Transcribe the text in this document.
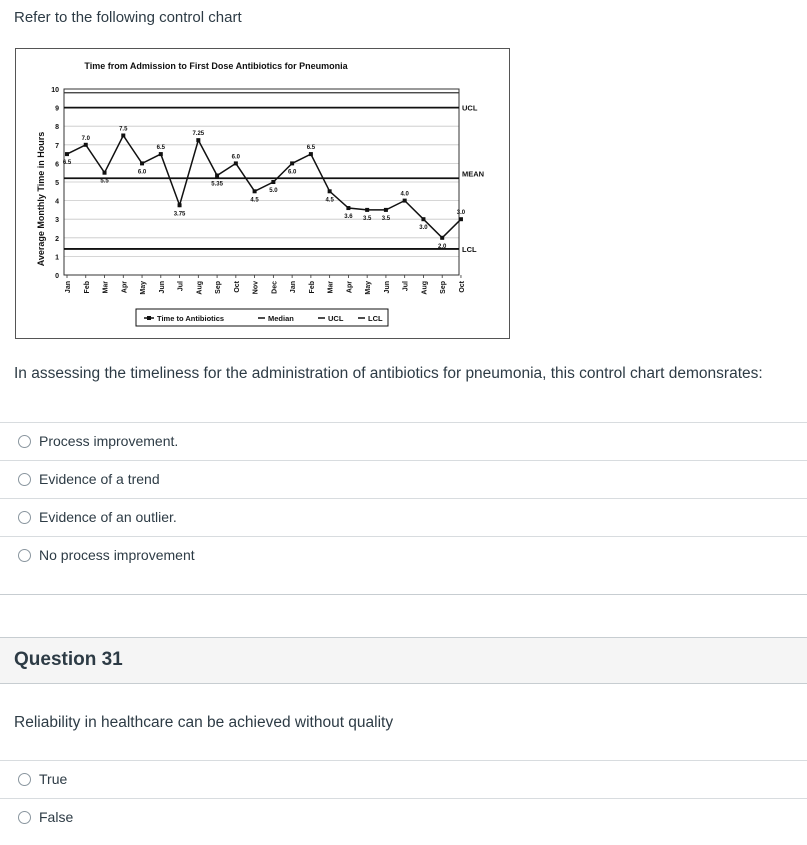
Refer to the following control chart
0
1
2
3
4
5
6
7
8
9
10
Jan Feb Mar Apr May Jun Jul Aug Sep Oct Nov Dec Jan Feb Mar Apr May Jun Jul Aug Sep Oct
UCL
MEAN
LCL
6.5
7.0
5.5
7.5
6.0
6.5
3.75
7.25
5.35
6.0
4.5
5.0
6.0
6.5
4.5
3.6 3.5 3.5
4.0
3.0
2.0
3.0
Time from Admission to First Dose Antibiotics for Pneumonia
Average Monthly Time in Hours
Time to Antibiotics	Median	UCL	LCL
In assessing the timeliness for the administration of antibiotics for pneumonia, this control chart demonsrates:
Process improvement.
Evidence of a trend
Evidence of an outlier.
No process improvement
Question 31
Reliability in healthcare can be achieved without quality
True
False
